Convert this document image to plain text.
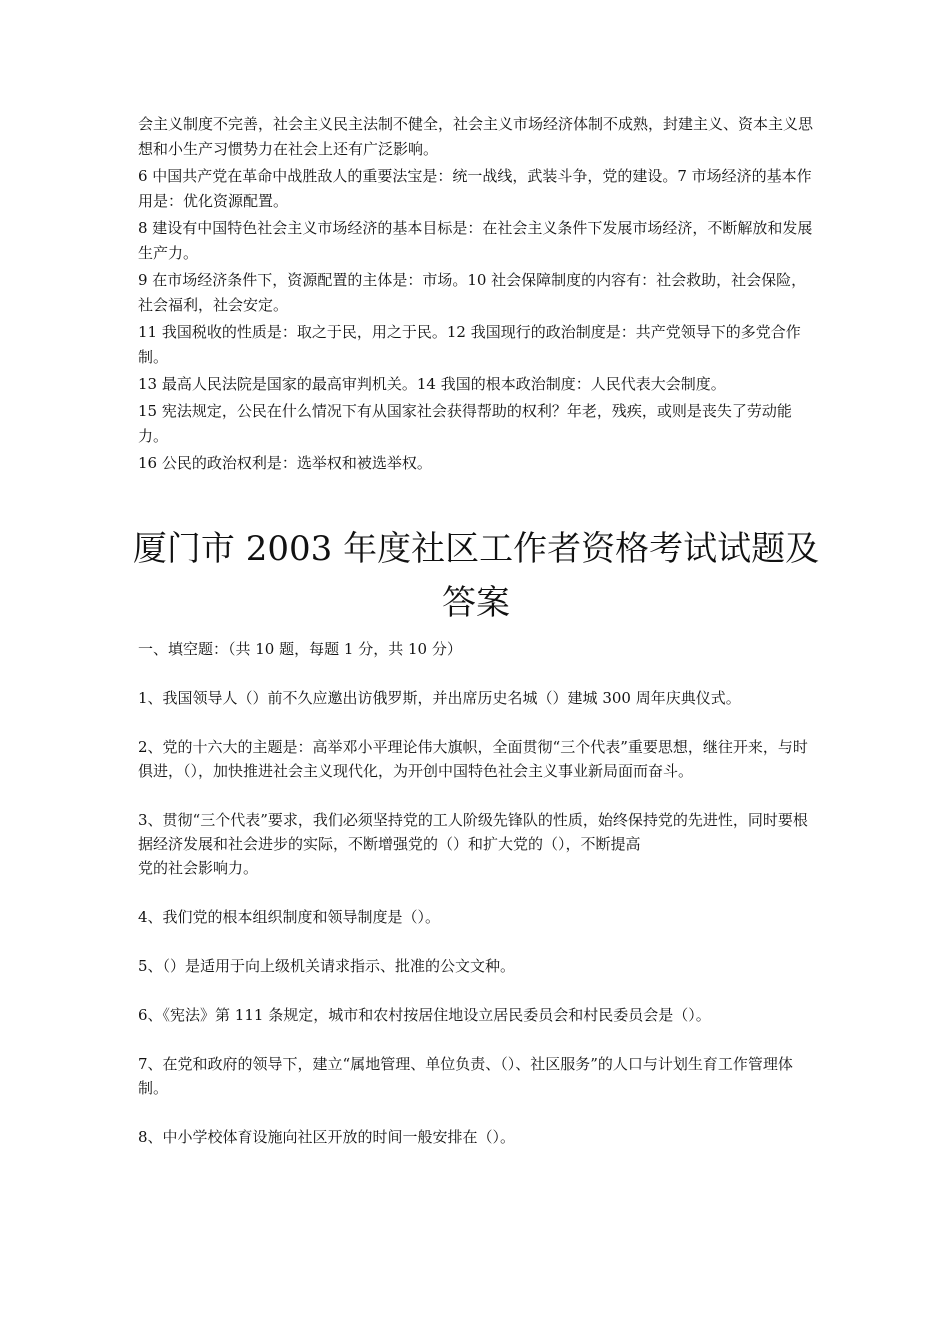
会主义制度不完善，社会主义民主法制不健全，社会主义市场经济体制不成熟，封建主义、资本主义思想和小生产习惯势力在社会上还有广泛影响。

6 中国共产党在革命中战胜敌人的重要法宝是：统一战线，武装斗争，党的建设。7 市场经济的基本作用是：优化资源配置。

8 建设有中国特色社会主义市场经济的基本目标是：在社会主义条件下发展市场经济，不断解放和发展生产力。

9 在市场经济条件下，资源配置的主体是：市场。10 社会保障制度的内容有：社会救助，社会保险，社会福利，社会安定。

11 我国税收的性质是：取之于民，用之于民。12 我国现行的政治制度是：共产党领导下的多党合作制。

13 最高人民法院是国家的最高审判机关。14 我国的根本政治制度：人民代表大会制度。

15 宪法规定，公民在什么情况下有从国家社会获得帮助的权利？年老，残疾，或则是丧失了劳动能力。

16 公民的政治权利是：选举权和被选举权。

厦门市 2003 年度社区工作者资格考试试题及答案

一、填空题：（共 10 题，每题 1 分，共 10 分）

1、我国领导人（）前不久应邀出访俄罗斯，并出席历史名城（）建城 300 周年庆典仪式。

2、党的十六大的主题是：高举邓小平理论伟大旗帜，全面贯彻“三个代表”重要思想，继往开来，与时俱进，（），加快推进社会主义现代化，为开创中国特色社会主义事业新局面而奋斗。

3、贯彻“三个代表”要求，我们必须坚持党的工人阶级先锋队的性质，始终保持党的先进性，同时要根据经济发展和社会进步的实际，不断增强党的（）和扩大党的（），不断提高

党的社会影响力。

4、我们党的根本组织制度和领导制度是（）。

5、（）是适用于向上级机关请求指示、批准的公文文种。

6、《宪法》第 111 条规定，城市和农村按居住地设立居民委员会和村民委员会是（）。

7、在党和政府的领导下，建立“属地管理、单位负责、（）、社区服务”的人口与计划生育工作管理体制。

8、中小学校体育设施向社区开放的时间一般安排在（）。
